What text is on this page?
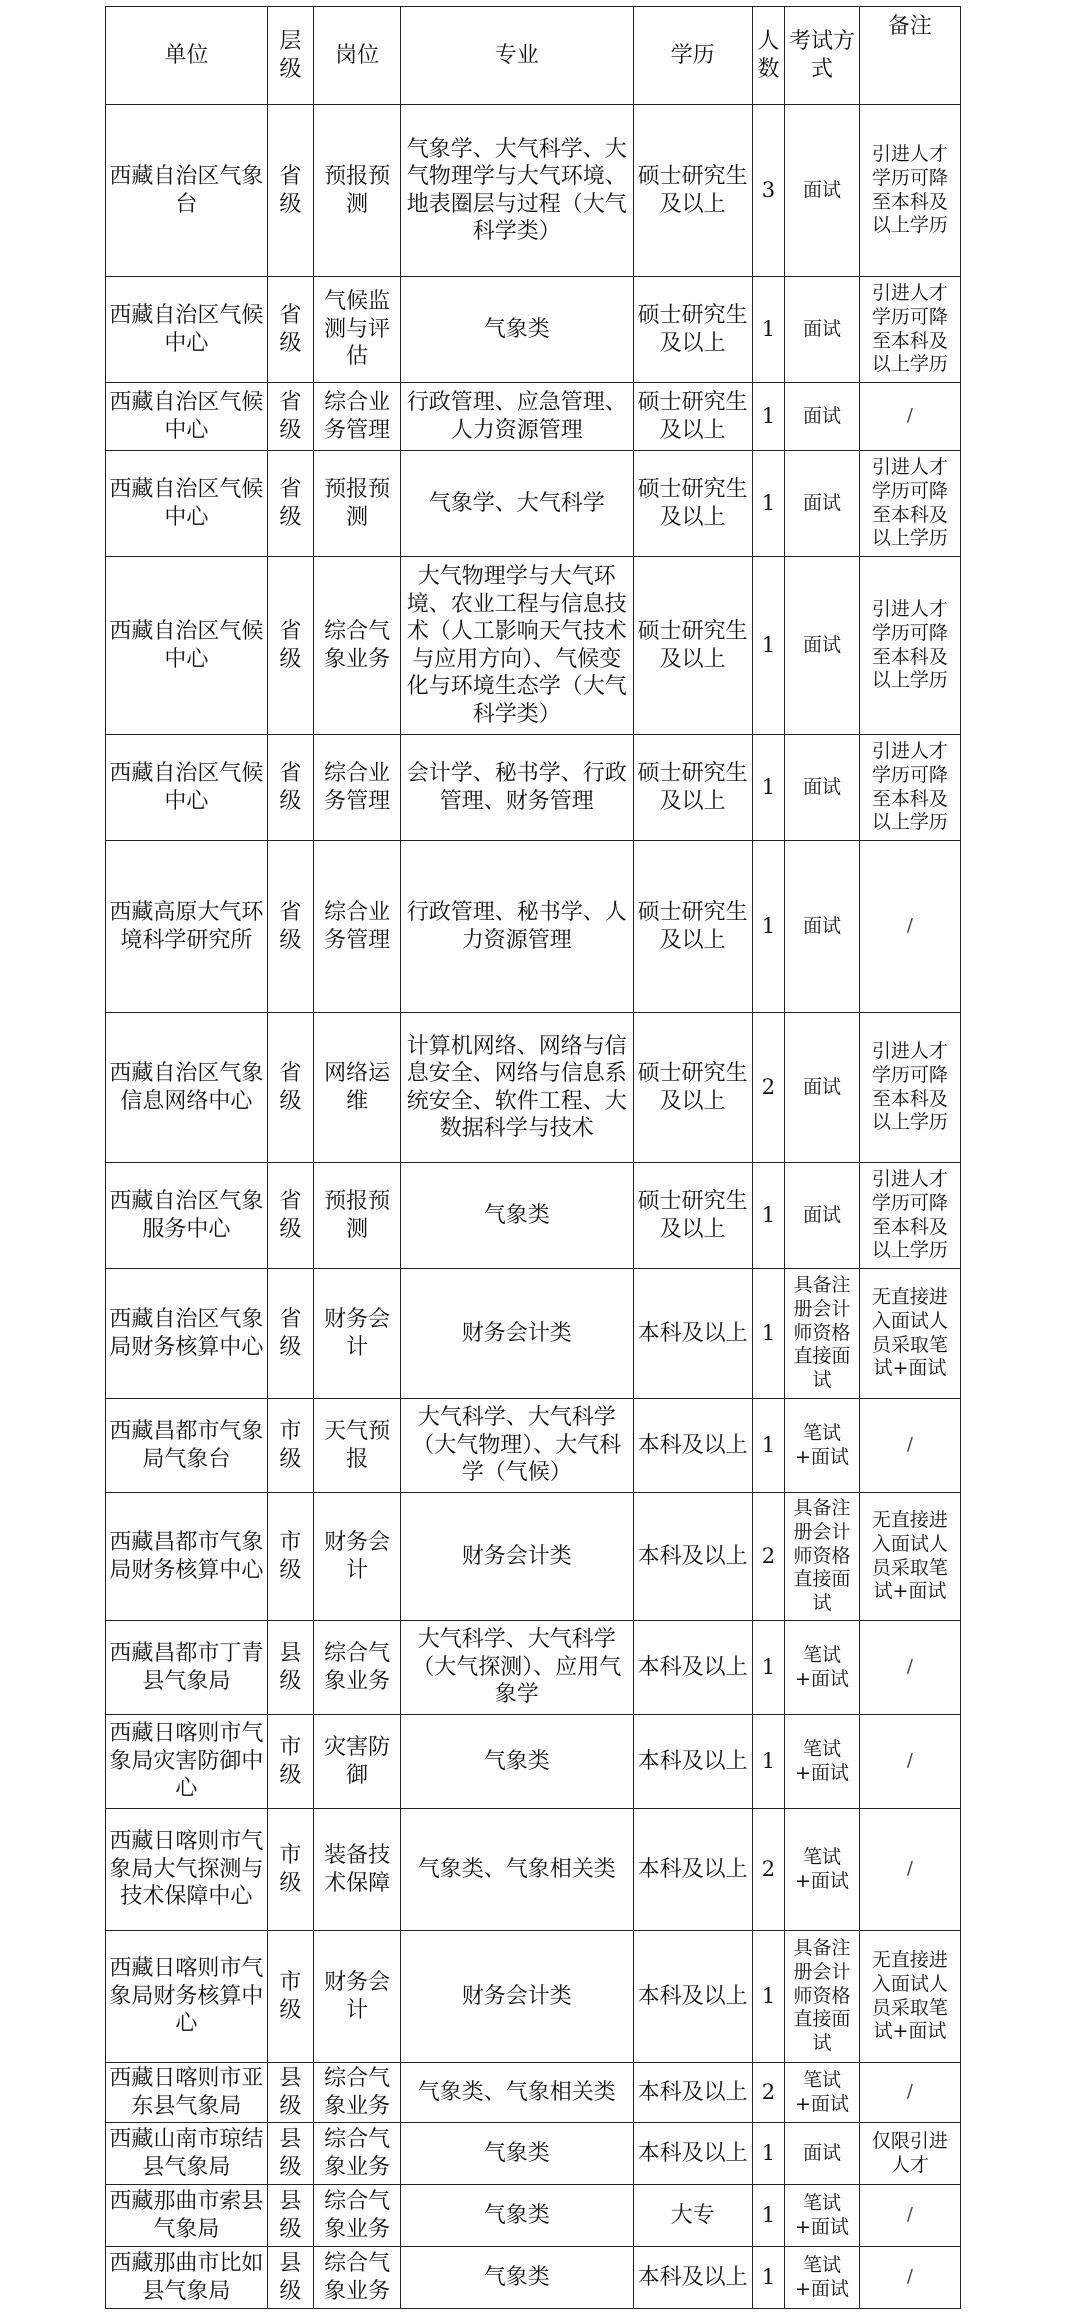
单位	层级	岗位	专业	学历	人数	考试方式	备注
西藏自治区气象台	省级	预报预测	气象学、大气科学、大气物理学与大气环境、地表圈层与过程（大气科学类）	硕士研究生及以上	3	面试	引进人才学历可降至本科及以上学历
西藏自治区气候中心	省级	气候监测与评估	气象类	硕士研究生及以上	1	面试	引进人才学历可降至本科及以上学历
西藏自治区气候中心	省级	综合业务管理	行政管理、应急管理、人力资源管理	硕士研究生及以上	1	面试	/
西藏自治区气候中心	省级	预报预测	气象学、大气科学	硕士研究生及以上	1	面试	引进人才学历可降至本科及以上学历
西藏自治区气候中心	省级	综合气象业务	大气物理学与大气环境、农业工程与信息技术（人工影响天气技术与应用方向）、气候变化与环境生态学（大气科学类）	硕士研究生及以上	1	面试	引进人才学历可降至本科及以上学历
西藏自治区气候中心	省级	综合业务管理	会计学、秘书学、行政管理、财务管理	硕士研究生及以上	1	面试	引进人才学历可降至本科及以上学历
西藏高原大气环境科学研究所	省级	综合业务管理	行政管理、秘书学、人力资源管理	硕士研究生及以上	1	面试	/
西藏自治区气象信息网络中心	省级	网络运维	计算机网络、网络与信息安全、网络与信息系统安全、软件工程、大数据科学与技术	硕士研究生及以上	2	面试	引进人才学历可降至本科及以上学历
西藏自治区气象服务中心	省级	预报预测	气象类	硕士研究生及以上	1	面试	引进人才学历可降至本科及以上学历
西藏自治区气象局财务核算中心	省级	财务会计	财务会计类	本科及以上	1	具备注册会计师资格直接面试	无直接进入面试人员采取笔试+面试
西藏昌都市气象局气象台	市级	天气预报	大气科学、大气科学（大气物理）、大气科学（气候）	本科及以上	1	笔试+面试	/
西藏昌都市气象局财务核算中心	市级	财务会计	财务会计类	本科及以上	2	具备注册会计师资格直接面试	无直接进入面试人员采取笔试+面试
西藏昌都市丁青县气象局	县级	综合气象业务	大气科学、大气科学（大气探测）、应用气象学	本科及以上	1	笔试+面试	/
西藏日喀则市气象局灾害防御中心	市级	灾害防御	气象类	本科及以上	1	笔试+面试	/
西藏日喀则市气象局大气探测与技术保障中心	市级	装备技术保障	气象类、气象相关类	本科及以上	2	笔试+面试	/
西藏日喀则市气象局财务核算中心	市级	财务会计	财务会计类	本科及以上	1	具备注册会计师资格直接面试	无直接进入面试人员采取笔试+面试
西藏日喀则市亚东县气象局	县级	综合气象业务	气象类、气象相关类	本科及以上	2	笔试+面试	/
西藏山南市琼结县气象局	县级	综合气象业务	气象类	本科及以上	1	面试	仅限引进人才
西藏那曲市索县气象局	县级	综合气象业务	气象类	大专	1	笔试+面试	/
西藏那曲市比如县气象局	县级	综合气象业务	气象类	本科及以上	1	笔试+面试	/
